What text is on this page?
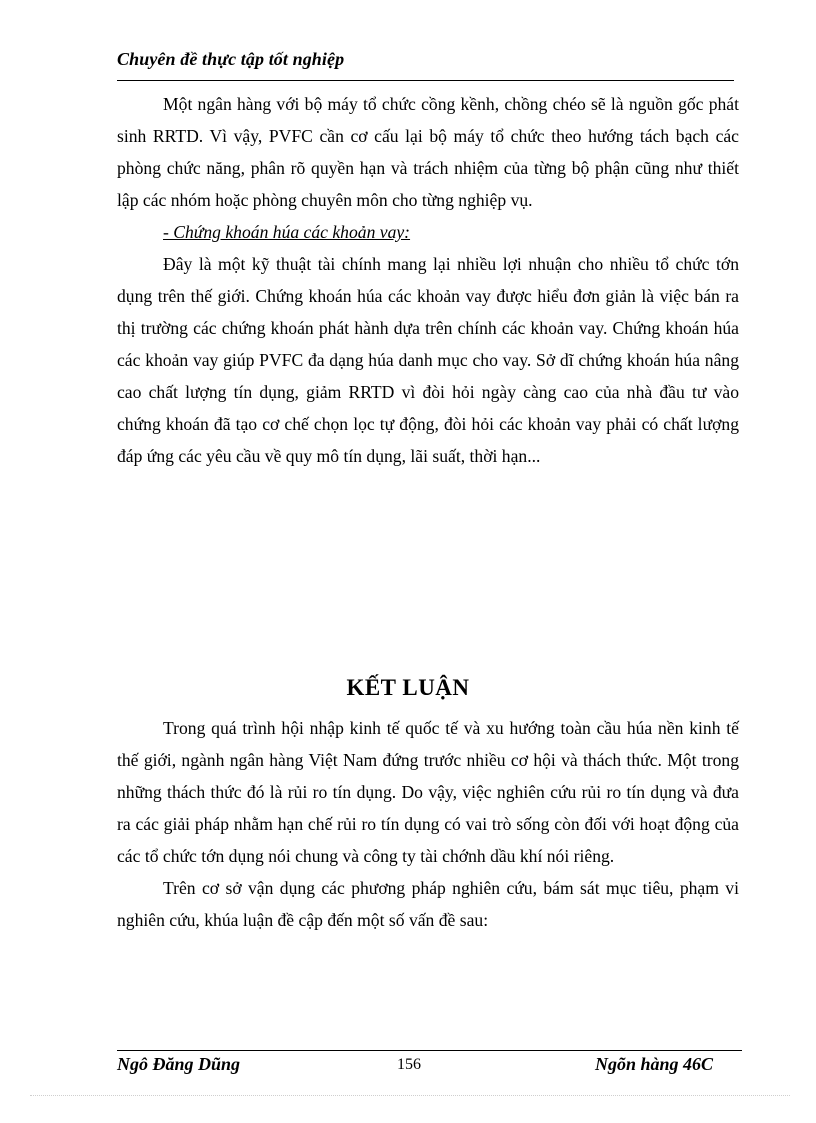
Chuyên đề thực tập tốt nghiệp

Một ngân hàng với bộ máy tổ chức cồng kềnh, chồng chéo sẽ là nguồn gốc phát sinh RRTD. Vì vậy, PVFC cần cơ cấu lại bộ máy tổ chức theo hướng tách bạch các phòng chức năng, phân rõ quyền hạn và trách nhiệm của từng bộ phận cũng như thiết lập các nhóm hoặc phòng chuyên môn cho từng nghiệp vụ.

- Chứng khoán húa các khoản vay:

Đây là một kỹ thuật tài chính mang lại nhiều lợi nhuận cho nhiều tổ chức tớn dụng trên thế giới. Chứng khoán húa các khoản vay được hiểu đơn giản là việc bán ra thị trường các chứng khoán phát hành dựa trên chính các khoản vay. Chứng khoán húa các khoản vay giúp PVFC đa dạng húa danh mục cho vay. Sở dĩ chứng khoán húa nâng cao chất lượng tín dụng, giảm RRTD vì đòi hỏi ngày càng cao của nhà đầu tư vào chứng khoán đã tạo cơ chế chọn lọc tự động, đòi hỏi các khoản vay phải có chất lượng đáp ứng các yêu cầu về quy mô tín dụng, lãi suất, thời hạn...

KẾT LUẬN

Trong quá trình hội nhập kinh tế quốc tế và xu hướng toàn cầu húa nền kinh tế thế giới, ngành ngân hàng Việt Nam đứng trước nhiều cơ hội và thách thức. Một trong những thách thức đó là rủi ro tín dụng. Do vậy, việc nghiên cứu rủi ro tín dụng và đưa ra các giải pháp nhằm hạn chế rủi ro tín dụng có vai trò sống còn đối với hoạt động của các tổ chức tớn dụng nói chung và công ty tài chớnh dầu khí nói riêng.

Trên cơ sở vận dụng các phương pháp nghiên cứu, bám sát mục tiêu, phạm vi nghiên cứu, khúa luận đề cập đến một số vấn đề sau:

Ngô Đăng Dũng	156	Ngõn hàng 46C
